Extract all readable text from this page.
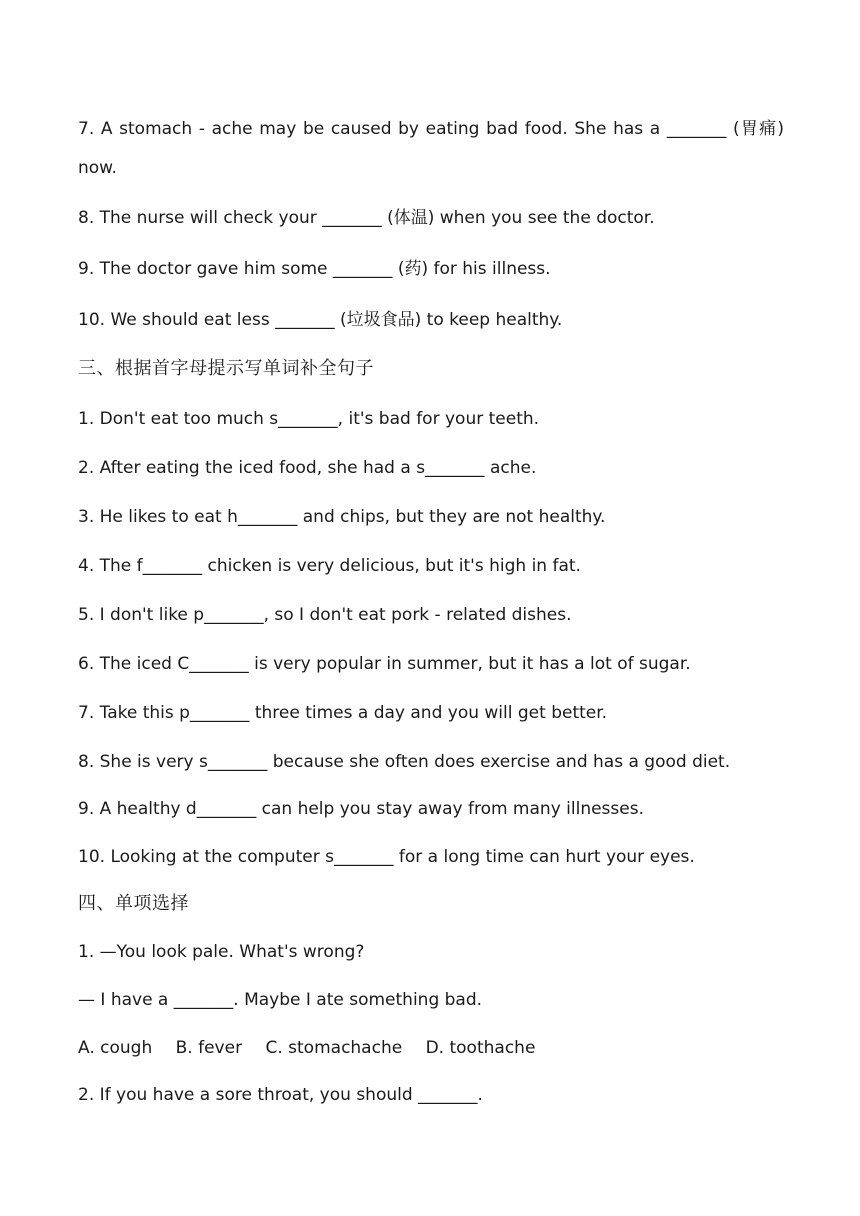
7. A stomach - ache may be caused by eating bad food. She has a _______ (胃痛)
now.
8. The nurse will check your _______ (体温) when you see the doctor.
9. The doctor gave him some _______ (药) for his illness.
10. We should eat less _______ (垃圾食品) to keep healthy.
三、根据首字母提示写单词补全句子
1. Don't eat too much s_______, it's bad for your teeth.
2. After eating the iced food, she had a s_______ ache.
3. He likes to eat h_______ and chips, but they are not healthy.
4. The f_______ chicken is very delicious, but it's high in fat.
5. I don't like p_______, so I don't eat pork - related dishes.
6. The iced C_______ is very popular in summer, but it has a lot of sugar.
7. Take this p_______ three times a day and you will get better.
8. She is very s_______ because she often does exercise and has a good diet.
9. A healthy d_______ can help you stay away from many illnesses.
10. Looking at the computer s_______ for a long time can hurt your eyes.
四、单项选择
1. —You look pale. What's wrong?
— I have a _______. Maybe I ate something bad.
A. cough B. fever C. stomachache D. toothache
2. If you have a sore throat, you should _______.
